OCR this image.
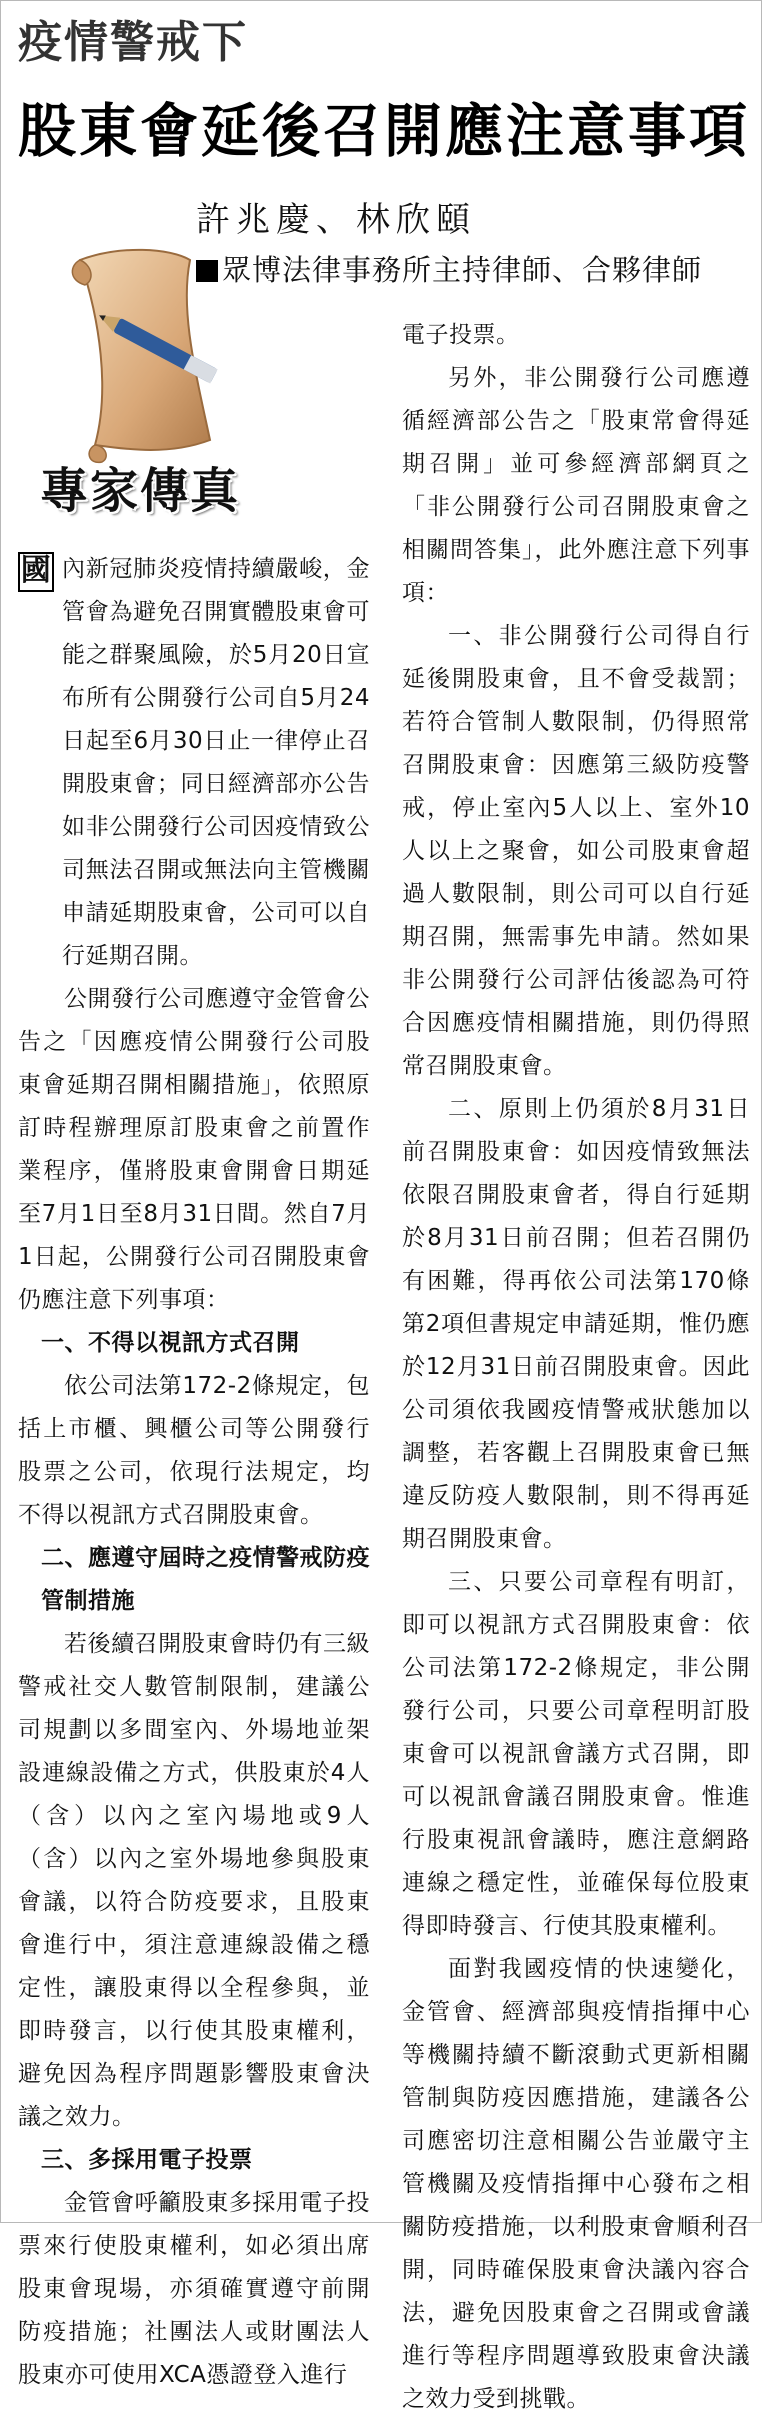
疫情警戒下
股東會延後召開應注意事項
許兆慶、林欣頤
眾博法律事務所主持律師、合夥律師
專家傳真

國 內新冠肺炎疫情持續嚴峻，金管會為避免召開實體股東會可能之群聚風險，於5月20日宣布所有公開發行公司自5月24日起至6月30日止一律停止召開股東會；同日經濟部亦公告如非公開發行公司因疫情致公司無法召開或無法向主管機關申請延期股東會，公司可以自行延期召開。

公開發行公司應遵守金管會公告之「因應疫情公開發行公司股東會延期召開相關措施」，依照原訂時程辦理原訂股東會之前置作業程序，僅將股東會開會日期延至7月1日至8月31日間。然自7月1日起，公開發行公司召開股東會仍應注意下列事項：

一、不得以視訊方式召開

依公司法第172-2條規定，包括上市櫃、興櫃公司等公開發行股票之公司，依現行法規定，均不得以視訊方式召開股東會。

二、應遵守屆時之疫情警戒防疫管制措施

若後續召開股東會時仍有三級警戒社交人數管制限制，建議公司規劃以多間室內、外場地並架設連線設備之方式，供股東於4人（含）以內之室內場地或9人（含）以內之室外場地參與股東會議，以符合防疫要求，且股東會進行中，須注意連線設備之穩定性，讓股東得以全程參與，並即時發言，以行使其股東權利，避免因為程序問題影響股東會決議之效力。

三、多採用電子投票

金管會呼籲股東多採用電子投票來行使股東權利，如必須出席股東會現場，亦須確實遵守前開防疫措施；社團法人或財團法人股東亦可使用XCA憑證登入進行

電子投票。

另外，非公開發行公司應遵循經濟部公告之「股東常會得延期召開」並可參經濟部網頁之「非公開發行公司召開股東會之相關問答集」，此外應注意下列事項：

一、非公開發行公司得自行延後開股東會，且不會受裁罰；若符合管制人數限制，仍得照常召開股東會：因應第三級防疫警戒，停止室內5人以上、室外10人以上之聚會，如公司股東會超過人數限制，則公司可以自行延期召開，無需事先申請。然如果非公開發行公司評估後認為可符合因應疫情相關措施，則仍得照常召開股東會。

二、原則上仍須於8月31日前召開股東會：如因疫情致無法依限召開股東會者，得自行延期於8月31日前召開；但若召開仍有困難，得再依公司法第170條第2項但書規定申請延期，惟仍應於12月31日前召開股東會。因此公司須依我國疫情警戒狀態加以調整，若客觀上召開股東會已無違反防疫人數限制，則不得再延期召開股東會。

三、只要公司章程有明訂，即可以視訊方式召開股東會：依公司法第172-2條規定，非公開發行公司，只要公司章程明訂股東會可以視訊會議方式召開，即可以視訊會議召開股東會。惟進行股東視訊會議時，應注意網路連線之穩定性，並確保每位股東得即時發言、行使其股東權利。

面對我國疫情的快速變化，金管會、經濟部與疫情指揮中心等機關持續不斷滾動式更新相關管制與防疫因應措施，建議各公司應密切注意相關公告並嚴守主管機關及疫情指揮中心發布之相關防疫措施，以利股東會順利召開，同時確保股東會決議內容合法，避免因股東會之召開或會議進行等程序問題導致股東會決議之效力受到挑戰。
